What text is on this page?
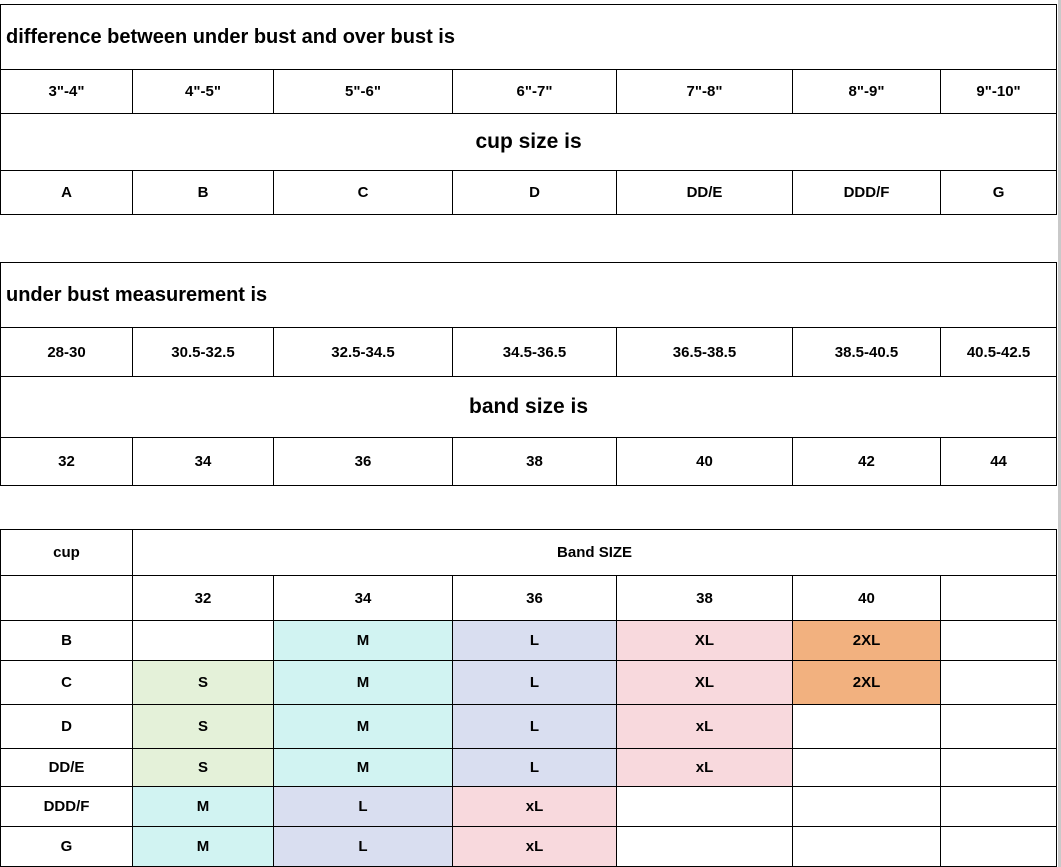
difference between under bust and over bust is						
3"-4"	4"-5"	5"-6"	6"-7"	7"-8"	8"-9"	9"-10"
cup size is						
A	B	C	D	DD/E	DDD/F	G
under bust measurement is						
28-30	30.5-32.5	32.5-34.5	34.5-36.5	36.5-38.5	38.5-40.5	40.5-42.5
band size is						
32	34	36	38	40	42	44
cup	Band SIZE					
	32	34	36	38	40	
B		M	L	XL	2XL	
C	S	M	L	XL	2XL	
D	S	M	L	xL		
DD/E	S	M	L	xL		
DDD/F	M	L	xL			
G	M	L	xL			
